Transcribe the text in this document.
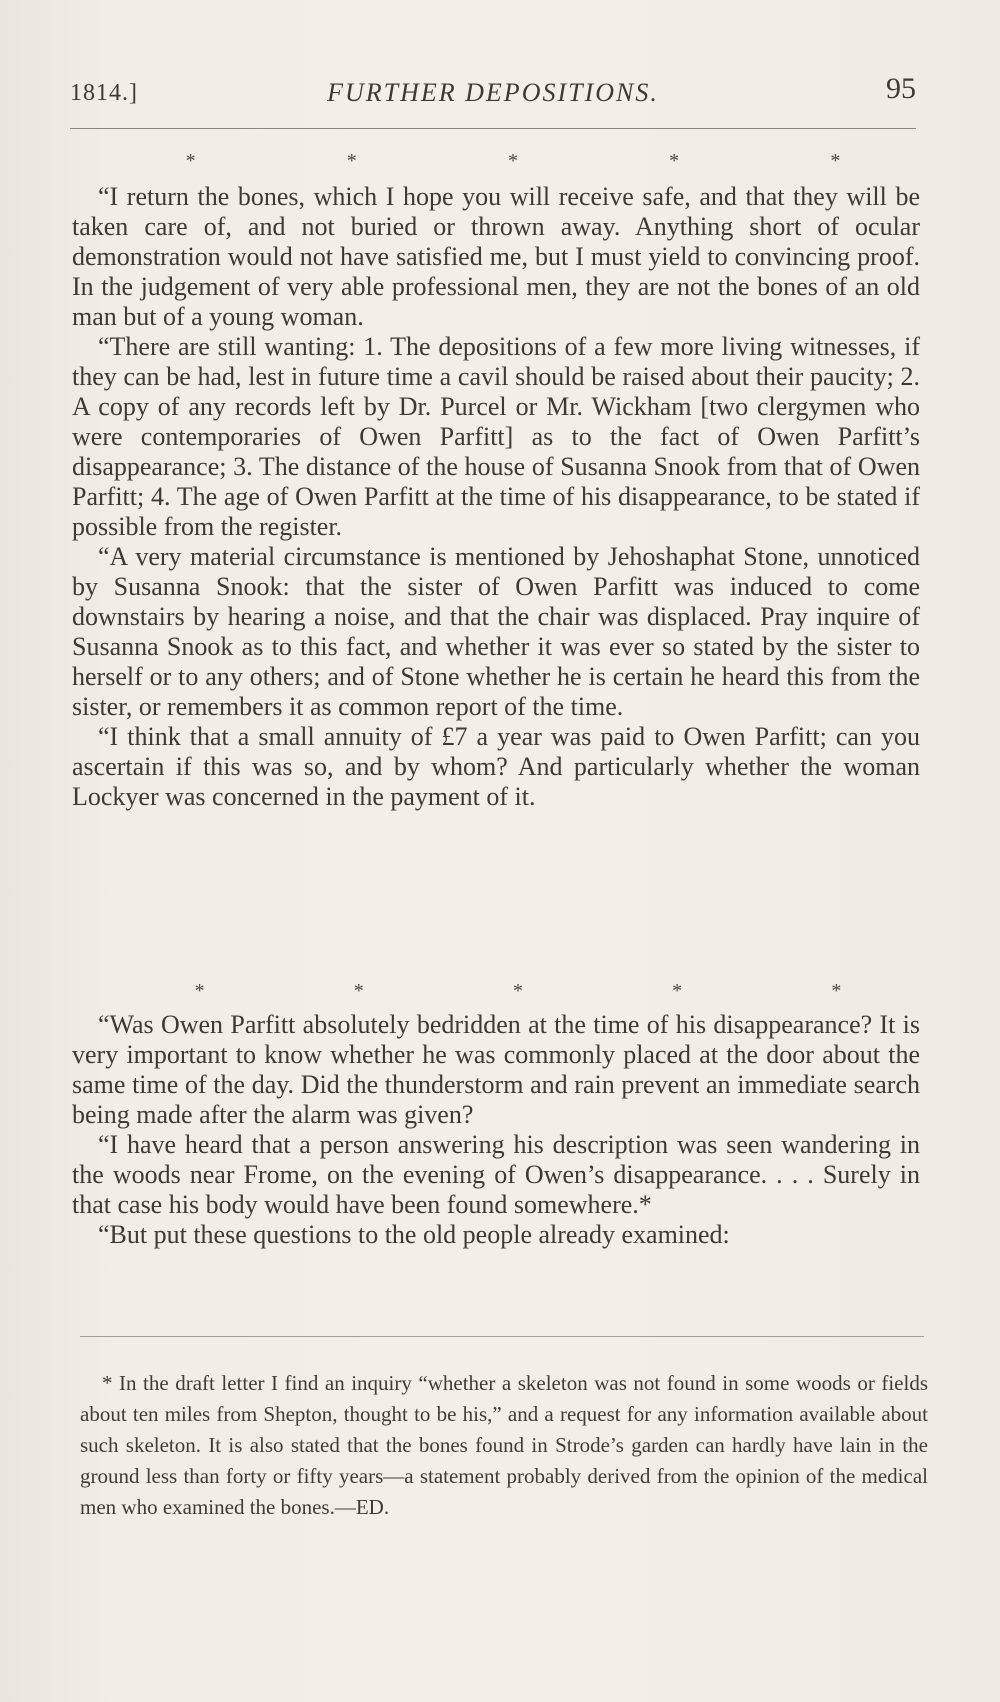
1814.]	FURTHER DEPOSITIONS.	95
*	*	*	*	*

“I return the bones, which I hope you will receive safe, and that they will be taken care of, and not buried or thrown away. Anything short of ocular demonstration would not have satisfied me, but I must yield to convincing proof. In the judgement of very able professional men, they are not the bones of an old man but of a young woman.

“There are still wanting: 1. The depositions of a few more living witnesses, if they can be had, lest in future time a cavil should be raised about their paucity; 2. A copy of any records left by Dr. Purcel or Mr. Wickham [two clergymen who were contemporaries of Owen Parfitt] as to the fact of Owen Parfitt’s disappearance; 3. The distance of the house of Susanna Snook from that of Owen Parfitt; 4. The age of Owen Parfitt at the time of his disappearance, to be stated if possible from the register.

“A very material circumstance is mentioned by Jehoshaphat Stone, unnoticed by Susanna Snook: that the sister of Owen Parfitt was induced to come downstairs by hearing a noise, and that the chair was displaced. Pray inquire of Susanna Snook as to this fact, and whether it was ever so stated by the sister to herself or to any others; and of Stone whether he is certain he heard this from the sister, or remembers it as common report of the time.

“I think that a small annuity of £7 a year was paid to Owen Parfitt; can you ascertain if this was so, and by whom? And particularly whether the woman Lockyer was concerned in the payment of it.

*	*	*	*	*

“Was Owen Parfitt absolutely bedridden at the time of his disappearance? It is very important to know whether he was commonly placed at the door about the same time of the day. Did the thunderstorm and rain prevent an immediate search being made after the alarm was given?

“I have heard that a person answering his description was seen wandering in the woods near Frome, on the evening of Owen’s disappearance. . . . Surely in that case his body would have been found somewhere.*

“But put these questions to the old people already examined:

* In the draft letter I find an inquiry “whether a skeleton was not found in some woods or fields about ten miles from Shepton, thought to be his,” and a request for any information available about such skeleton. It is also stated that the bones found in Strode’s garden can hardly have lain in the ground less than forty or fifty years—a statement probably derived from the opinion of the medical men who examined the bones.—ED.
